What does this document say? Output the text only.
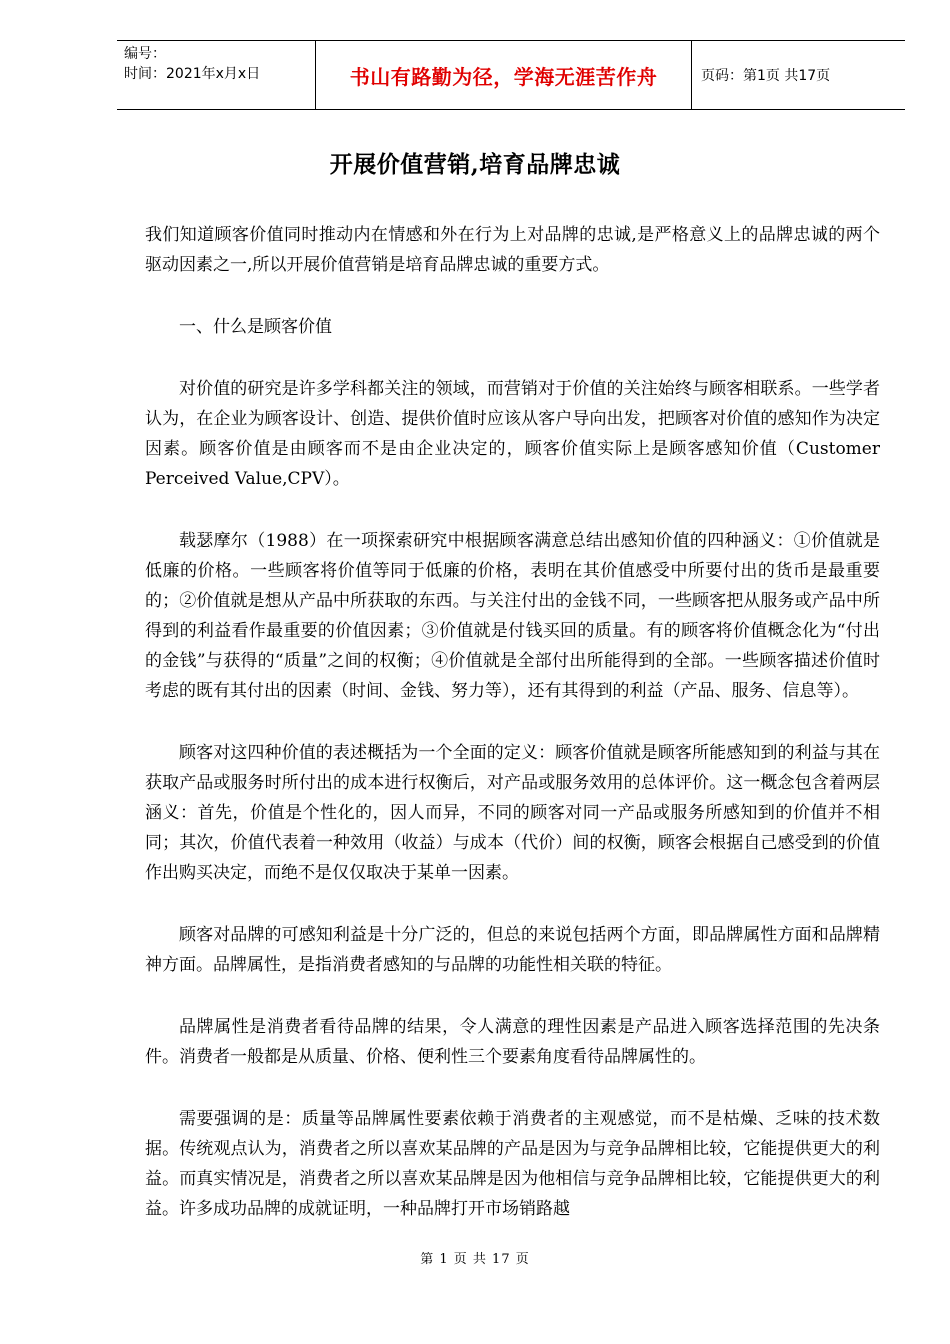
编号：
时间：2021年x月x日	书山有路勤为径，学海无涯苦作舟	页码：第1页 共17页
开展价值营销,培育品牌忠诚

我们知道顾客价值同时推动内在情感和外在行为上对品牌的忠诚,是严格意义上的品牌忠诚的两个驱动因素之一,所以开展价值营销是培育品牌忠诚的重要方式。

一、什么是顾客价值

对价值的研究是许多学科都关注的领域，而营销对于价值的关注始终与顾客相联系。一些学者认为，在企业为顾客设计、创造、提供价值时应该从客户导向出发，把顾客对价值的感知作为决定因素。顾客价值是由顾客而不是由企业决定的，顾客价值实际上是顾客感知价值（Customer Perceived Value,CPV）。

载瑟摩尔（1988）在一项探索研究中根据顾客满意总结出感知价值的四种涵义：①价值就是低廉的价格。一些顾客将价值等同于低廉的价格，表明在其价值感受中所要付出的货币是最重要的；②价值就是想从产品中所获取的东西。与关注付出的金钱不同，一些顾客把从服务或产品中所得到的利益看作最重要的价值因素；③价值就是付钱买回的质量。有的顾客将价值概念化为“付出的金钱”与获得的“质量”之间的权衡；④价值就是全部付出所能得到的全部。一些顾客描述价值时考虑的既有其付出的因素（时间、金钱、努力等），还有其得到的利益（产品、服务、信息等）。

顾客对这四种价值的表述概括为一个全面的定义：顾客价值就是顾客所能感知到的利益与其在获取产品或服务时所付出的成本进行权衡后，对产品或服务效用的总体评价。这一概念包含着两层涵义：首先，价值是个性化的，因人而异，不同的顾客对同一产品或服务所感知到的价值并不相同；其次，价值代表着一种效用（收益）与成本（代价）间的权衡，顾客会根据自己感受到的价值作出购买决定，而绝不是仅仅取决于某单一因素。

顾客对品牌的可感知利益是十分广泛的，但总的来说包括两个方面，即品牌属性方面和品牌精神方面。品牌属性，是指消费者感知的与品牌的功能性相关联的特征。

品牌属性是消费者看待品牌的结果，令人满意的理性因素是产品进入顾客选择范围的先决条件。消费者一般都是从质量、价格、便利性三个要素角度看待品牌属性的。

需要强调的是：质量等品牌属性要素依赖于消费者的主观感觉，而不是枯燥、乏味的技术数据。传统观点认为，消费者之所以喜欢某品牌的产品是因为与竞争品牌相比较，它能提供更大的利益。而真实情况是，消费者之所以喜欢某品牌是因为他相信与竞争品牌相比较，它能提供更大的利益。许多成功品牌的成就证明，一种品牌打开市场销路越

第 1 页 共 17 页
